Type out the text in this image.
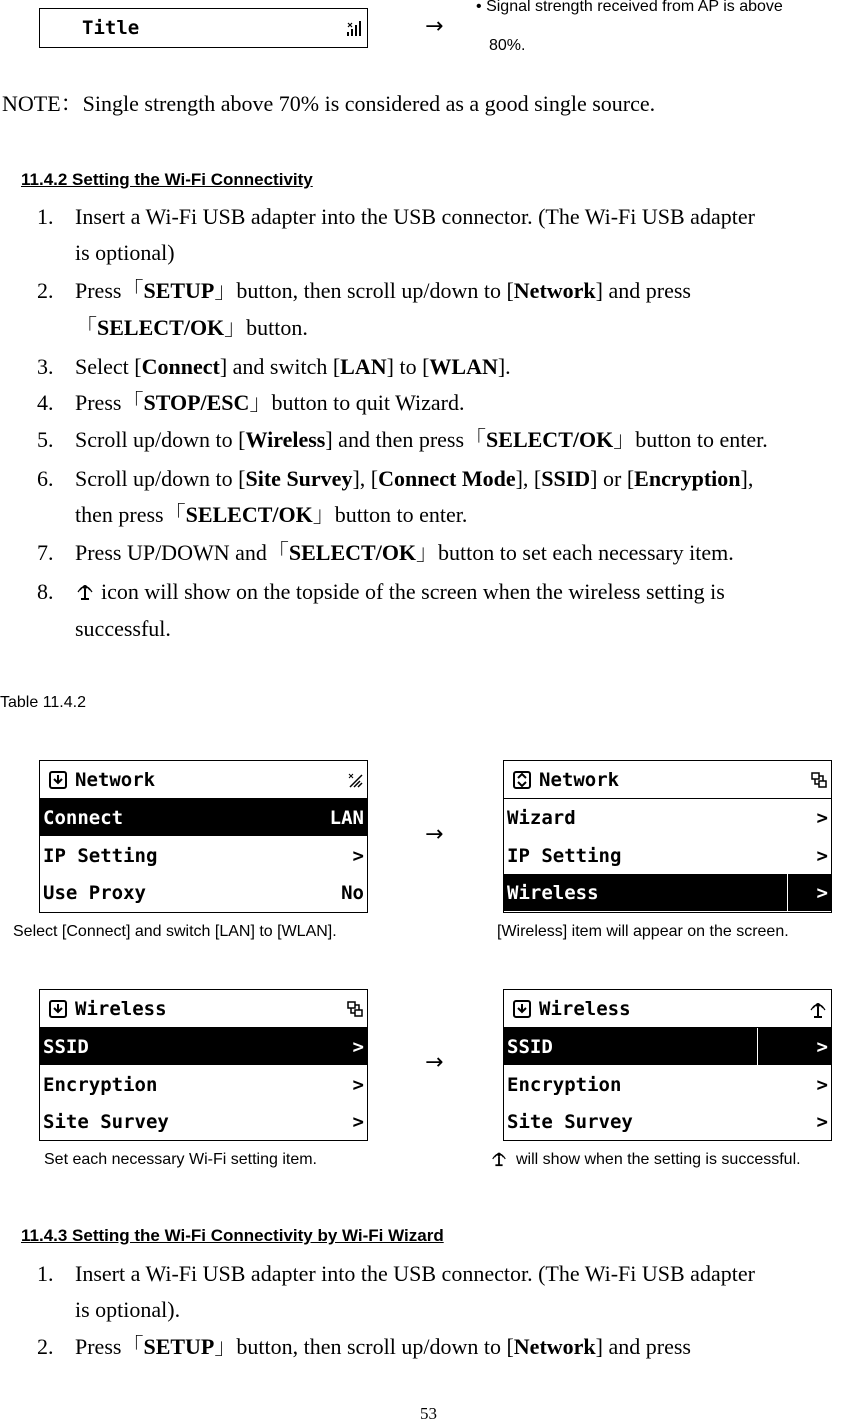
Title	→
• Signal strength received from AP is above
80%.
NOTE：Single strength above 70% is considered as a good single source.
11.4.2 Setting the Wi-Fi Connectivity
1. Insert a Wi-Fi USB adapter into the USB connector. (The Wi-Fi USB adapter
is optional)
2. Press「SETUP」button, then scroll up/down to [Network] and press
「SELECT/OK」button.
3. Select [Connect] and switch [LAN] to [WLAN].
4. Press「STOP/ESC」button to quit Wizard.
5. Scroll up/down to [Wireless] and then press「SELECT/OK」button to enter.
6. Scroll up/down to [Site Survey], [Connect Mode], [SSID] or [Encryption],
then press「SELECT/OK」button to enter.
7. Press UP/DOWN and「SELECT/OK」button to set each necessary item.
8. icon will show on the topside of the screen when the wireless setting is
successful.
Table 11.4.2
Network
Connect	LAN
IP Setting	>
Use Proxy	No
→
Network
Wizard	>
IP Setting	>
Wireless	>
Select [Connect] and switch [LAN] to [WLAN].	[Wireless] item will appear on the screen.
Wireless
SSID	>
Encryption	>
Site Survey	>
→
Wireless
SSID	>
Encryption	>
Site Survey	>
Set each necessary Wi-Fi setting item.	will show when the setting is successful.
11.4.3 Setting the Wi-Fi Connectivity by Wi-Fi Wizard
1. Insert a Wi-Fi USB adapter into the USB connector. (The Wi-Fi USB adapter
is optional).
2. Press「SETUP」button, then scroll up/down to [Network] and press
53
